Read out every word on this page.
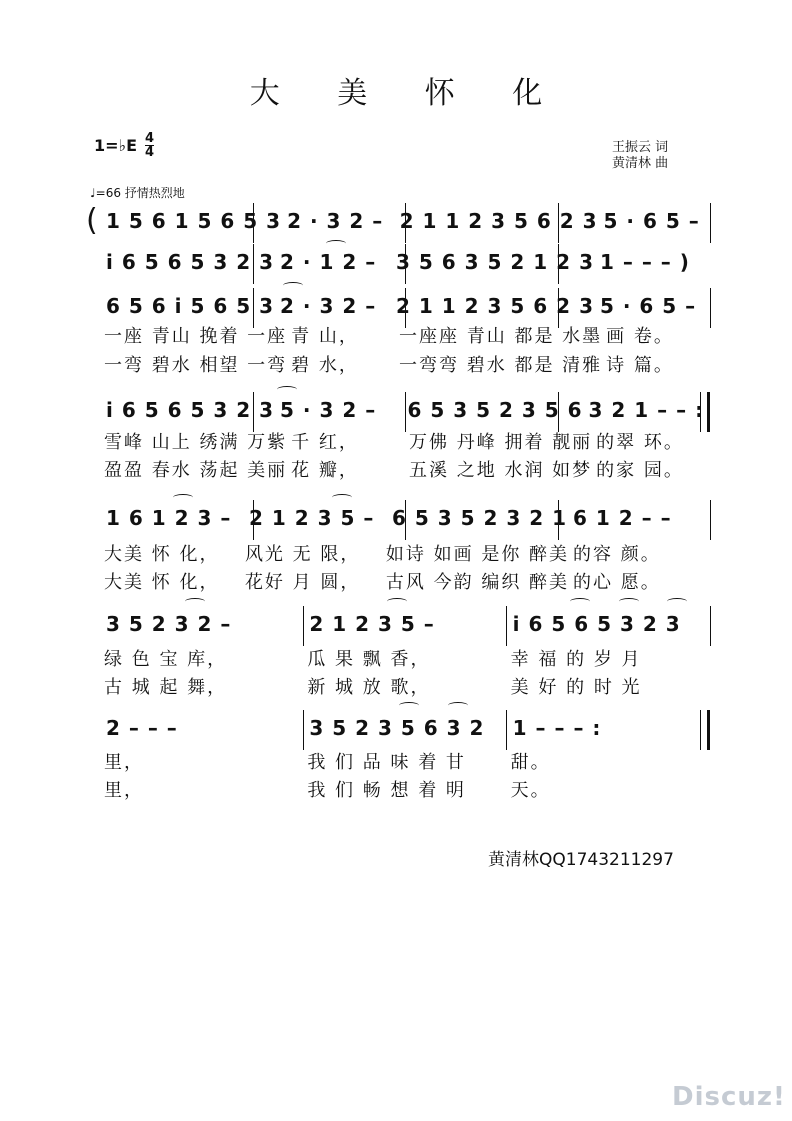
大 美 怀 化
1=♭E $\frac{4}{4}$	王振云 词
黄清林 曲
♩=66 抒情热烈地
( 1 5 6 1 5 6 5 3 2 · 3 2 – 2 1 1 2 3 5 6 2 3 5 · 6 5 –
i 6 5 6 5 3 2 3 2 · 1 2 – 3 5 6 3 5 2 1 2 3 1 – – – )
6 5 6 i 5 6 5 3 2 · 3 2 – 2 1 1 2 3 5 6 2 3 5 · 6 5 –
一座 青山 挽着 一座 青 山，	一座座 青山 都是 水墨 画 卷。
一弯 碧水 相望 一弯 碧 水，	一弯弯 碧水 都是 清雅 诗 篇。
i 6 5 6 5 3 2 3 5 · 3 2 –	6 5 3 5 2 3 5 6 3 2 1 – – :
雪峰 山上 绣满 万紫 千 红，	万佛 丹峰 拥着 靓丽 的翠 环。
盈盈 春水 荡起 美丽 花 瓣，	五溪 之地 水润 如梦 的家 园。
1 6 1 2 3 – 2 1 2 3 5 – 6 5 3 5 2 3 2 1 6 1 2 – –
大美 怀 化，	风光 无 限，	如诗 如画 是你 醉美 的容 颜。
大美 怀 化，	花好 月 圆，	古风 今韵 编织 醉美 的心 愿。
3 5 2 3 2 –	2 1 2 3 5 –	i 6 5 6 5 3 2 3
绿 色 宝 库，	瓜 果 飘 香，	幸 福 的 岁 月
古 城 起 舞，	新 城 放 歌，	美 好 的 时 光
2 – – –	3 5 2 3 5 6 3 2	1 – – – :
里，	我 们 品 味 着 甘	甜。
里，	我 们 畅 想 着 明	天。
黄清林QQ1743211297
Discuz!
